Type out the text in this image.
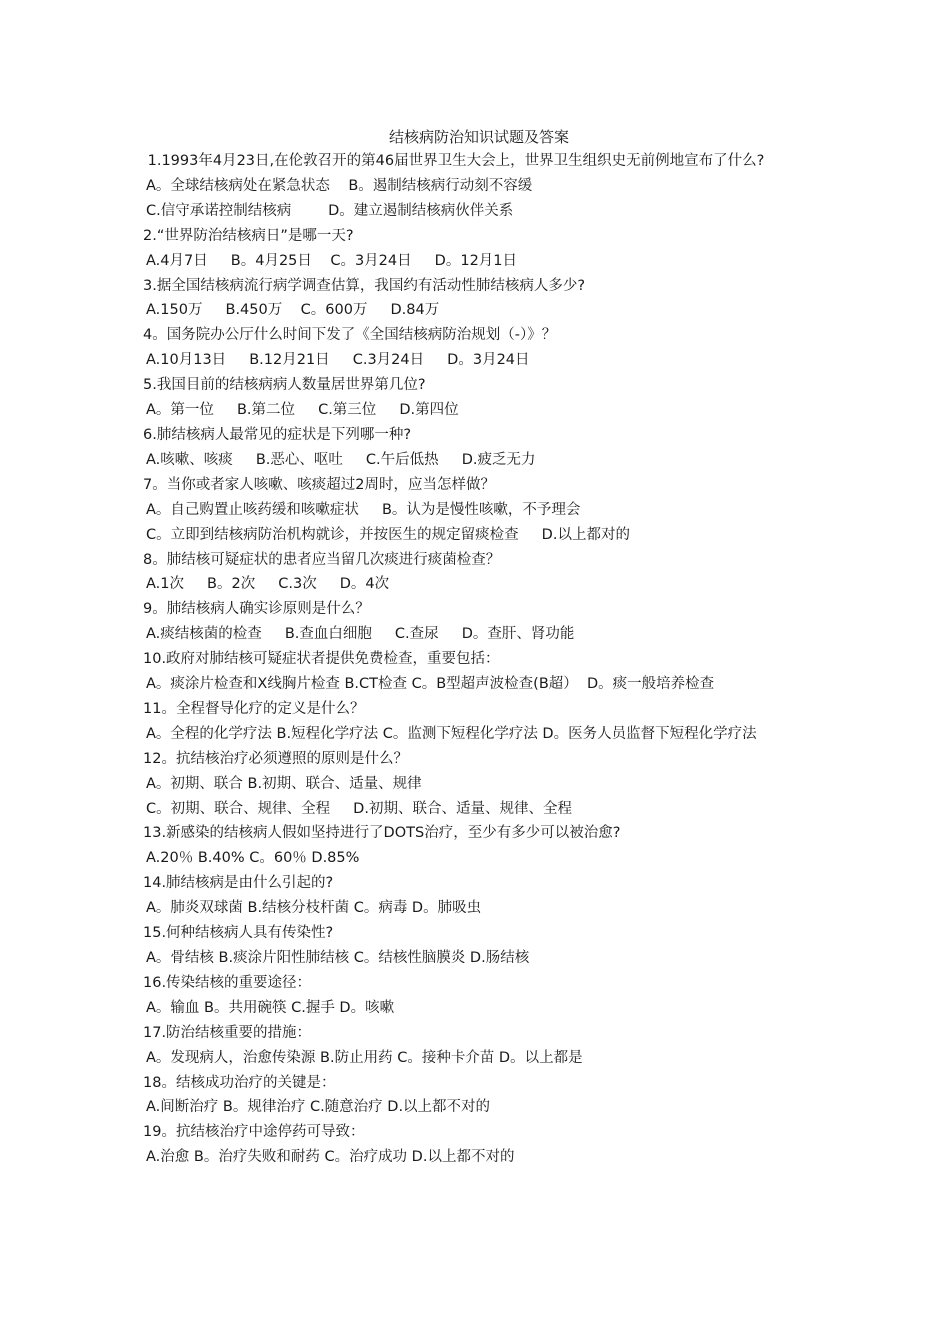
结核病防治知识试题及答案

1.1993年4月23日,在伦敦召开的第46届世界卫生大会上，世界卫生组织史无前例地宣布了什么?

A。全球结核病处在紧急状态    B。遏制结核病行动刻不容缓

C.信守承诺控制结核病        D。建立遏制结核病伙伴关系

2.“世界防治结核病日”是哪一天?

A.4月7日     B。4月25日    C。3月24日     D。12月1日

3.据全国结核病流行病学调查估算，我国约有活动性肺结核病人多少?

A.150万     B.450万    C。600万     D.84万

4。国务院办公厅什么时间下发了《全国结核病防治规划（-）》？

A.10月13日     B.12月21日     C.3月24日     D。3月24日

5.我国目前的结核病病人数量居世界第几位?

A。第一位     B.第二位     C.第三位     D.第四位

6.肺结核病人最常见的症状是下列哪一种?

A.咳嗽、咳痰     B.恶心、呕吐     C.午后低热     D.疲乏无力

7。当你或者家人咳嗽、咳痰超过2周时，应当怎样做？

A。自己购置止咳药缓和咳嗽症状     B。认为是慢性咳嗽，不予理会

C。立即到结核病防治机构就诊，并按医生的规定留痰检查     D.以上都对的

8。肺结核可疑症状的患者应当留几次痰进行痰菌检查？

A.1次     B。2次     C.3次     D。4次

9。肺结核病人确实诊原则是什么？

A.痰结核菌的检查     B.查血白细胞     C.查尿     D。查肝、肾功能

10.政府对肺结核可疑症状者提供免费检查，重要包括：

A。痰涂片检查和X线胸片检查 B.CT检查 C。B型超声波检查(B超）  D。痰一般培养检查

11。全程督导化疗的定义是什么？

A。全程的化学疗法 B.短程化学疗法 C。监测下短程化学疗法 D。医务人员监督下短程化学疗法

12。抗结核治疗必须遵照的原则是什么？

A。初期、联合 B.初期、联合、适量、规律

C。初期、联合、规律、全程     D.初期、联合、适量、规律、全程

13.新感染的结核病人假如坚持进行了DOTS治疗，至少有多少可以被治愈?

A.20％ B.40% C。60％ D.85%

14.肺结核病是由什么引起的?

A。肺炎双球菌 B.结核分枝杆菌 C。病毒 D。肺吸虫

15.何种结核病人具有传染性?

A。骨结核 B.痰涂片阳性肺结核 C。结核性脑膜炎 D.肠结核

16.传染结核的重要途径：

A。输血 B。共用碗筷 C.握手 D。咳嗽

17.防治结核重要的措施：

A。发现病人，治愈传染源 B.防止用药 C。接种卡介苗 D。以上都是

18。结核成功治疗的关键是：

A.间断治疗 B。规律治疗 C.随意治疗 D.以上都不对的

19。抗结核治疗中途停药可导致：

A.治愈 B。治疗失败和耐药 C。治疗成功 D.以上都不对的
